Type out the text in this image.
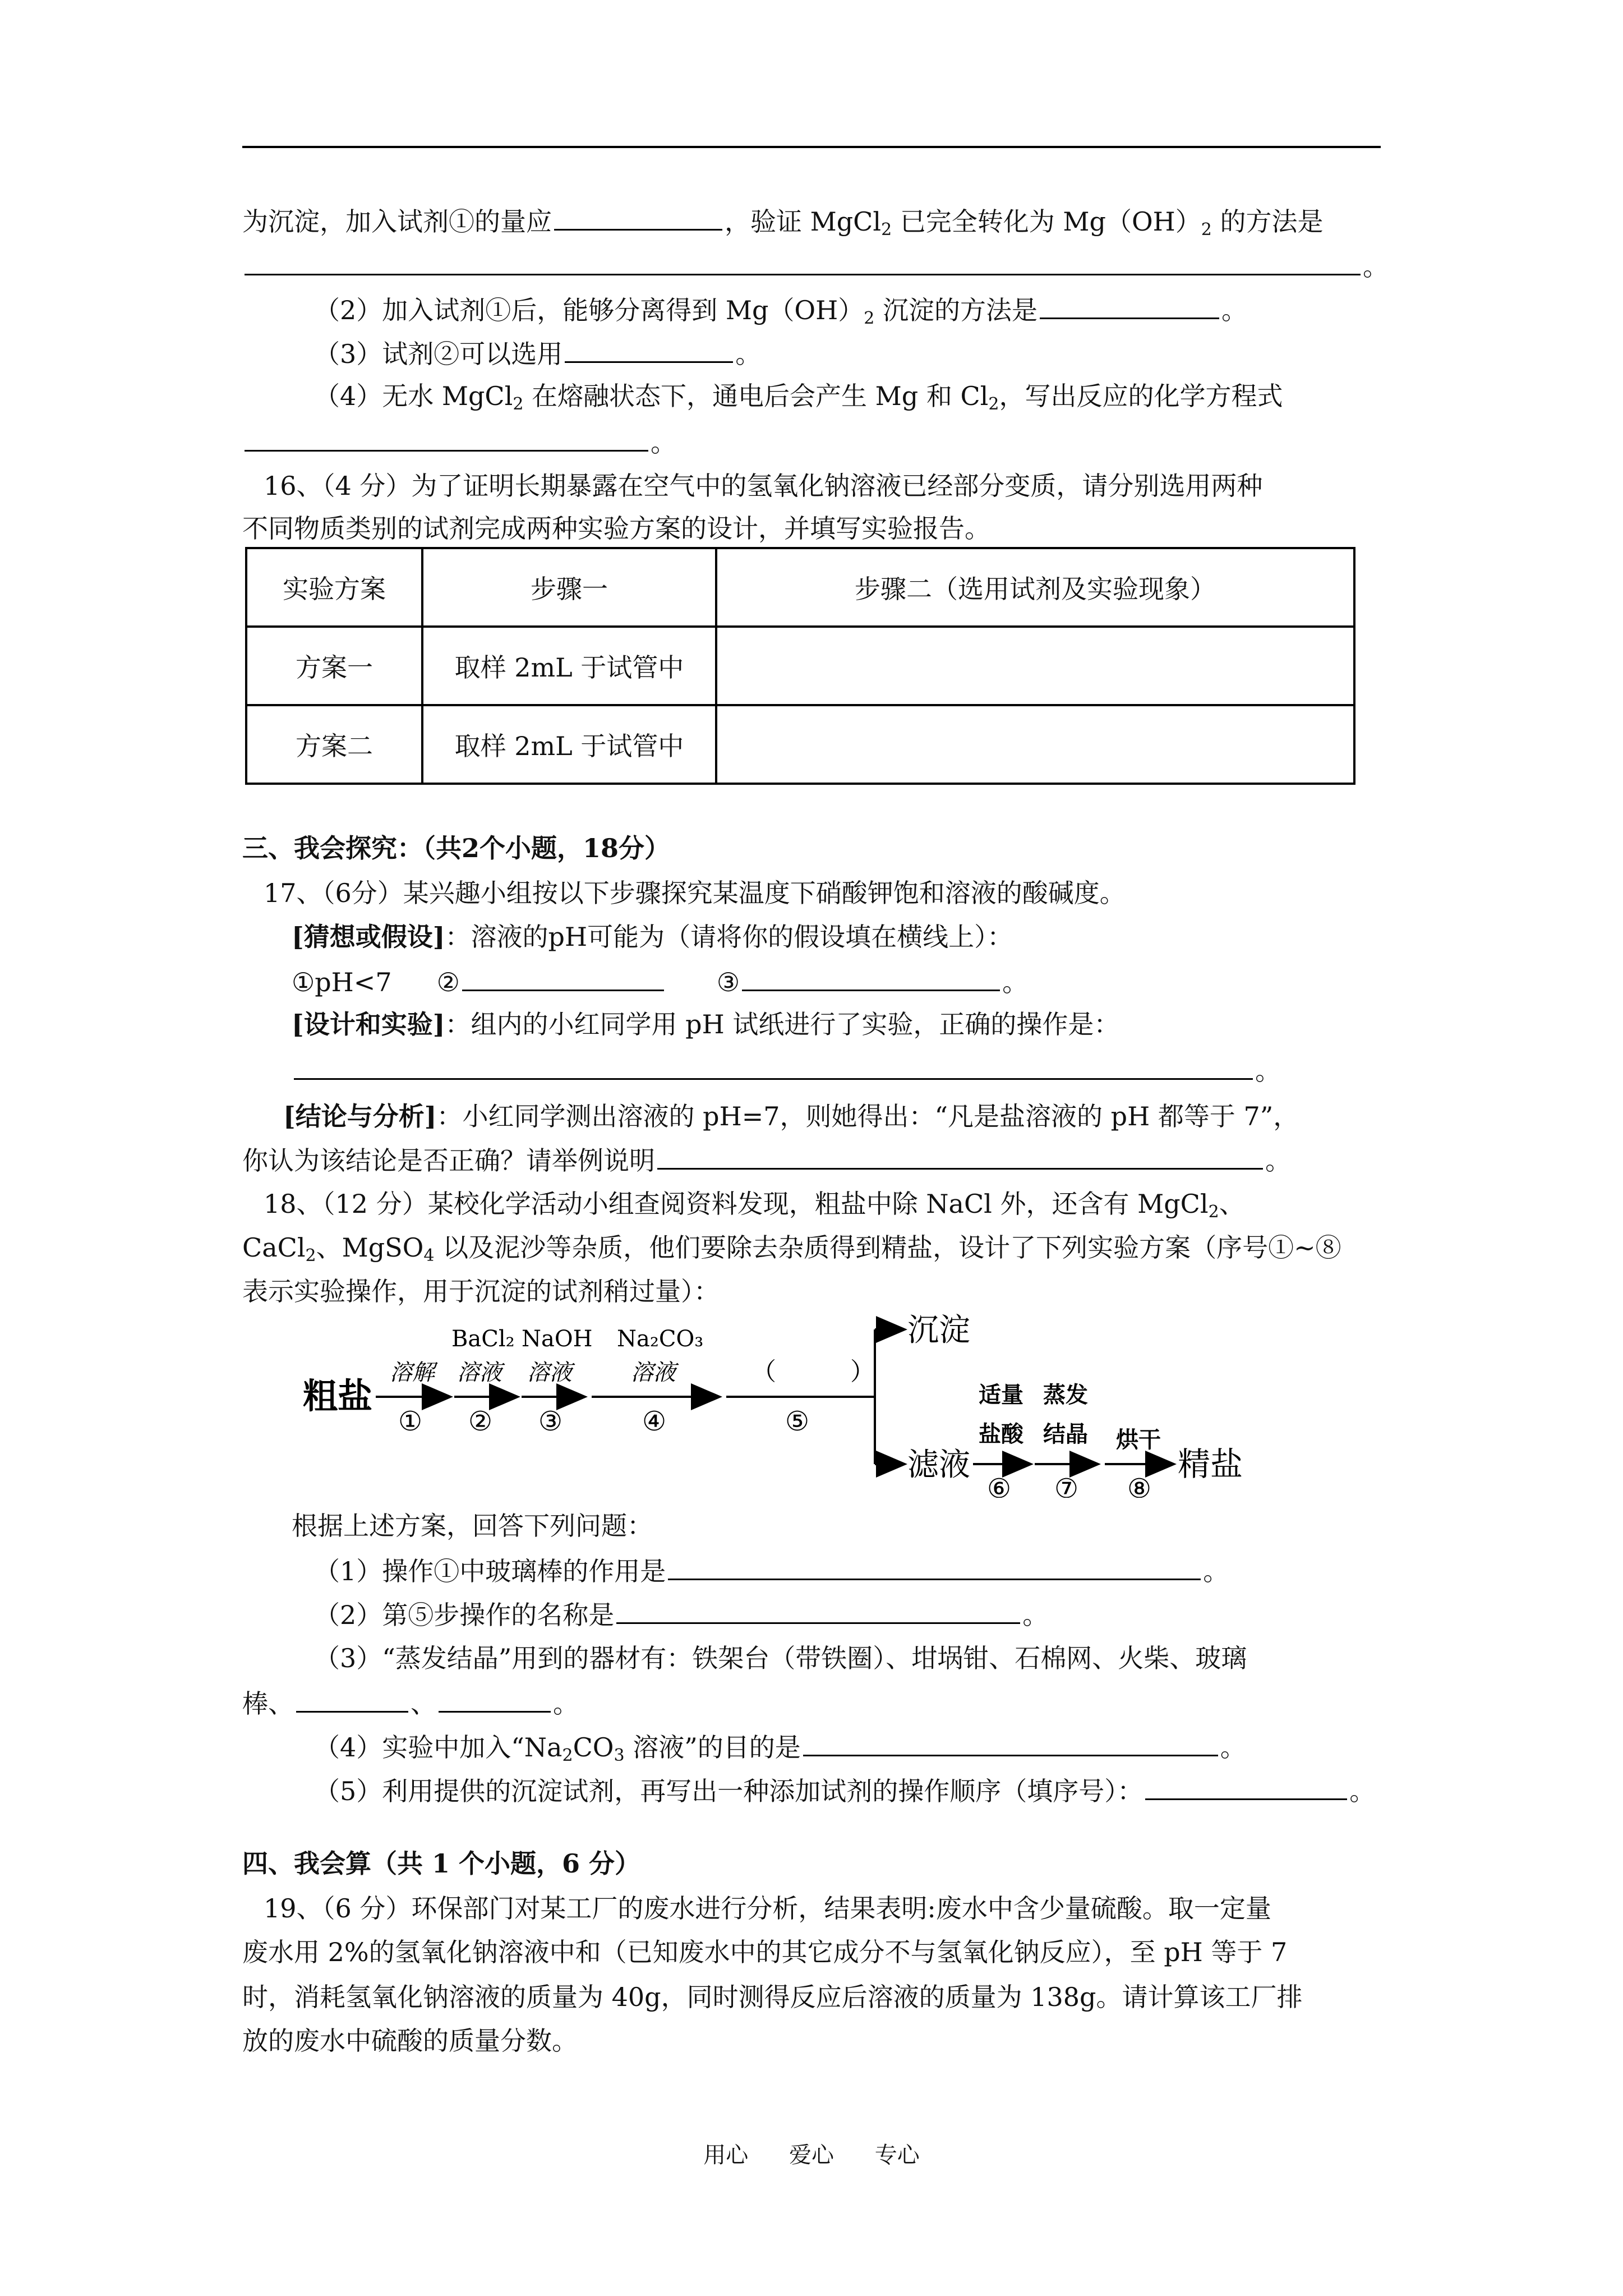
为沉淀，加入试剂①的量应	，验证 MgCl$_2$ 已完全转化为 $Mg(OH)_2$ 的方法是
。
（2）加入试剂①后，能够分离得到 $Mg(OH)_2$ 沉淀的方法是	。
（3）试剂②可以选用	。
（4）无水 MgCl$_2$ 在熔融状态下，通电后会产生 Mg 和 $Cl_2$，写出反应的化学方程式
。
16、（4 分）为了证明长期暴露在空气中的氢氧化钠溶液已经部分变质，请分别选用两种
不同物质类别的试剂完成两种实验方案的设计，并填写实验报告。
实验方案	步骤一	步骤二（选用试剂及实验现象）
方案一	取样 2mL 于试管中	
方案二	取样 2mL 于试管中	
三、我会探究：（共2个小题，18分）
17、（6分）某兴趣小组按以下步骤探究某温度下硝酸钾饱和溶液的酸碱度。
[猜想或假设]：溶液的pH可能为（请将你的假设填在横线上）：
①pH<7 ②	③	。
[设计和实验]：组内的小红同学用 pH 试纸进行了实验，正确的操作是：
。
[结论与分析]：小红同学测出溶液的 pH=7，则她得出：“凡是盐溶液的 pH 都等于 7”，
你认为该结论是否正确？请举例说明	。
18、（12 分）某校化学活动小组查阅资料发现，粗盐中除 NaCl 外，还含有 MgCl$_2$、
CaCl$_2$、MgSO$_4$ 以及泥沙等杂质，他们要除去杂质得到精盐，设计了下列实验方案（序号①~⑧
表示实验操作，用于沉淀的试剂稍过量）：
粗盐
溶解
①
BaCl₂
溶液
②
NaOH
溶液
③
Na₂CO₃
溶液
④
（　　　）
⑤
沉淀
滤液
适量
盐酸
⑥
蒸发
结晶
⑦
烘干
⑧
精盐
根据上述方案，回答下列问题：
（1）操作①中玻璃棒的作用是	。
（2）第⑤步操作的名称是	。
（3）“蒸发结晶”用到的器材有：铁架台（带铁圈）、坩埚钳、石棉网、火柴、玻璃
棒、	、	。
（4）实验中加入“$Na_2CO_3$ 溶液”的目的是	。
（5）利用提供的沉淀试剂，再写出一种添加试剂的操作顺序（填序号）：	。
四、我会算（共 1 个小题，6 分）
19、（6 分）环保部门对某工厂的废水进行分析，结果表明:废水中含少量硫酸。取一定量
废水用 2%的氢氧化钠溶液中和（已知废水中的其它成分不与氢氧化钠反应），至 pH 等于 7
时，消耗氢氧化钠溶液的质量为 40g，同时测得反应后溶液的质量为 138g。请计算该工厂排
放的废水中硫酸的质量分数。
用心 爱心 专心
